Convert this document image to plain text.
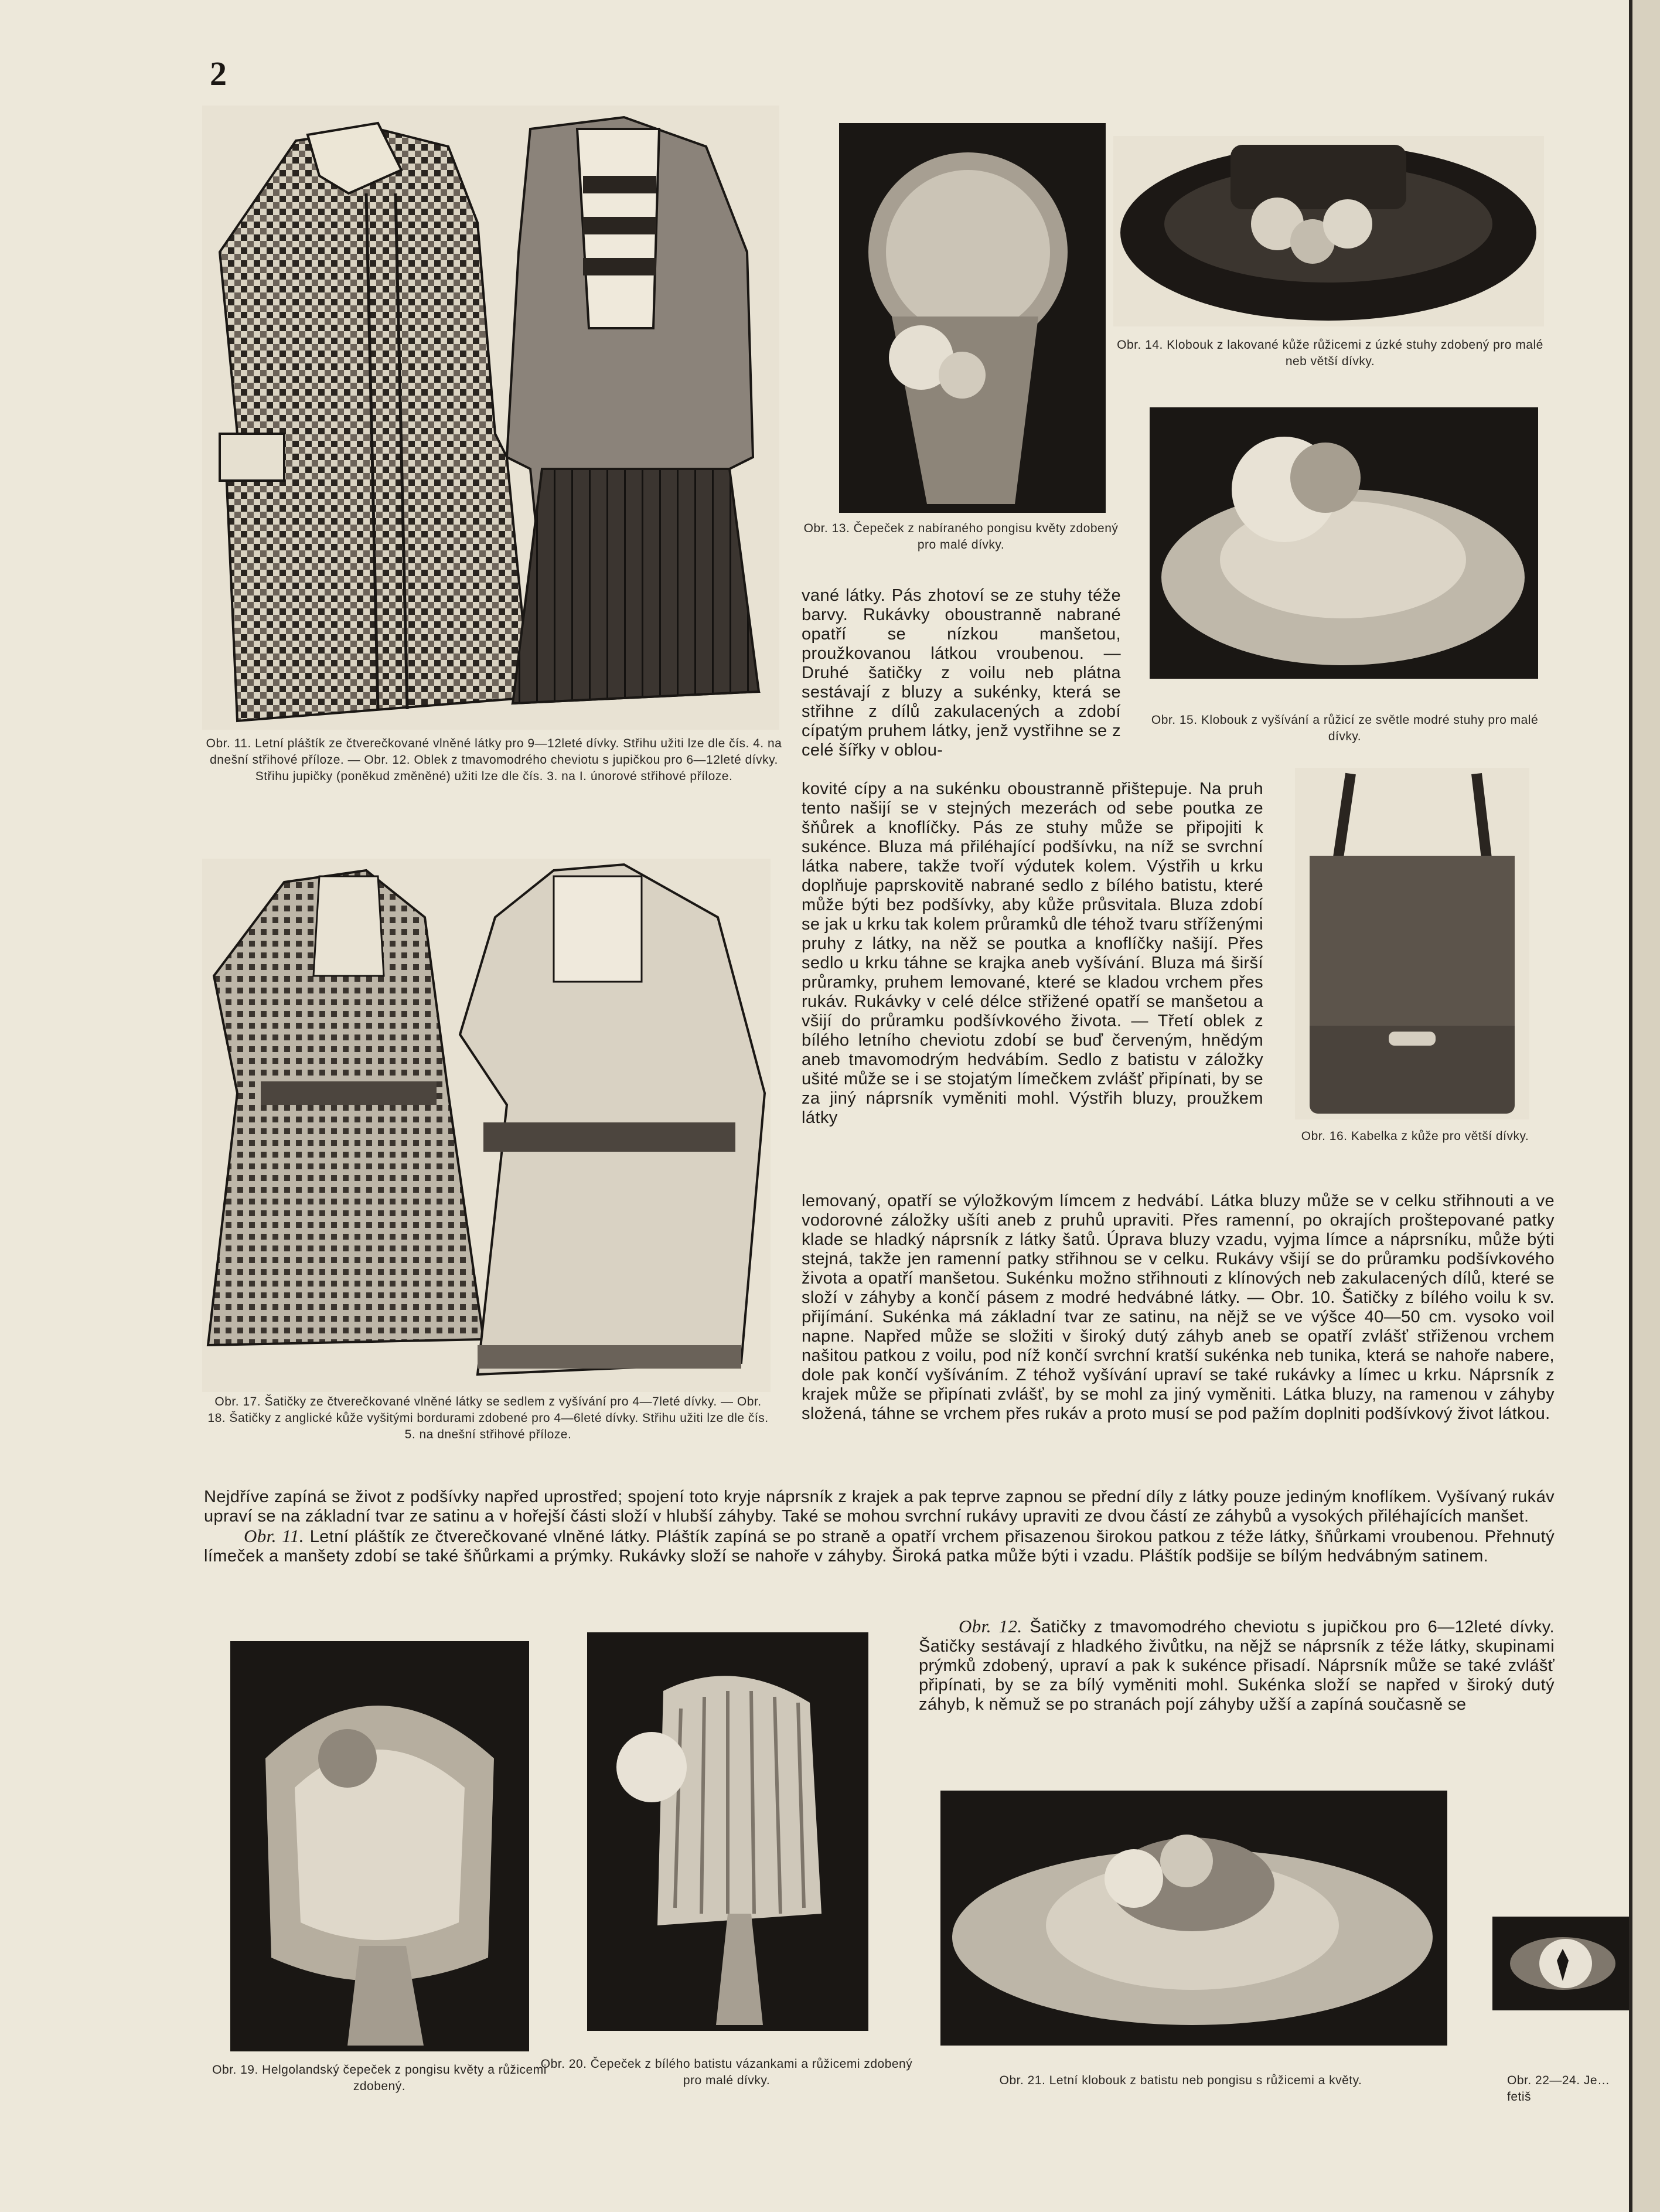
2
Obr. 11. Letní pláštík ze čtverečkované vlněné látky pro 9—12leté dívky. Střihu užiti lze dle čís. 4. na dnešní střihové příloze. — Obr. 12. Oblek z tmavomodrého cheviotu s jupičkou pro 6—12leté dívky. Střihu jupičky (poněkud změněné) užiti lze dle čís. 3. na I. únorové střihové příloze.
Obr. 13. Čepeček z nabíraného pongisu květy zdobený pro malé dívky.
Obr. 14. Klobouk z lakované kůže růžicemi z úzké stuhy zdobený pro malé neb větší dívky.
Obr. 15. Klobouk z vyšívání a růžicí ze světle modré stuhy pro malé dívky.
Obr. 16. Kabelka z kůže pro větší dívky.
Obr. 17. Šatičky ze čtverečkované vlněné látky se sedlem z vyšívání pro 4—7leté dívky. — Obr. 18. Šatičky z anglické kůže vyšitými bordurami zdobené pro 4—6leté dívky. Střihu užiti lze dle čís. 5. na dnešní střihové příloze.

vané látky. Pás zhotoví se ze stuhy téže barvy. Rukávky oboustranně nabrané opatří se nízkou manšetou, proužkovanou látkou vroubenou. — Druhé šatičky z voilu neb plátna sestávají z bluzy a sukénky, která se střihne z dílů zakulacených a zdobí cípatým pruhem látky, jenž vystřihne se z celé šířky v oblou-

kovité cípy a na sukénku oboustranně přištepuje. Na pruh tento našijí se v stejných mezerách od sebe poutka ze šňůrek a knoflíčky. Pás ze stuhy může se připojiti k sukénce. Bluza má přiléhající podšívku, na níž se svrchní látka nabere, takže tvoří výdutek kolem. Výstřih u krku doplňuje paprskovitě nabrané sedlo z bílého batistu, které může býti bez podšívky, aby kůže průsvitala. Bluza zdobí se jak u krku tak kolem průramků dle téhož tvaru stříženými pruhy z látky, na něž se poutka a knoflíčky našijí. Přes sedlo u krku táhne se krajka aneb vyšívání. Bluza má širší průramky, pruhem lemované, které se kladou vrchem přes rukáv. Rukávky v celé délce střižené opatří se manšetou a všijí do průramku podšívkového života. — Třetí oblek z bílého letního cheviotu zdobí se buď červeným, hnědým aneb tmavomodrým hedvábím. Sedlo z batistu v záložky ušité může se i se stojatým límečkem zvlášť připínati, by se za jiný náprsník vyměniti mohl. Výstřih bluzy, proužkem látky

lemovaný, opatří se výložkovým límcem z hedvábí. Látka bluzy může se v celku střihnouti a ve vodorovné záložky ušíti aneb z pruhů upraviti. Přes ramenní, po okrajích proštepované patky klade se hladký náprsník z látky šatů. Úprava bluzy vzadu, vyjma límce a náprsníku, může býti stejná, takže jen ramenní patky střihnou se v celku. Rukávy všijí se do průramku podšívkového života a opatří manšetou. Sukénku možno střihnouti z klínových neb zakulacených dílů, které se složí v záhyby a končí pásem z modré hedvábné látky. — Obr. 10. Šatičky z bílého voilu k sv. přijímání. Sukénka má základní tvar ze satinu, na nějž se ve výšce 40—50 cm. vysoko voil napne. Napřed může se složiti v široký dutý záhyb aneb se opatří zvlášť střiženou vrchem našitou patkou z voilu, pod níž končí svrchní kratší sukénka neb tunika, která se nahoře nabere, dole pak končí vyšíváním. Z téhož vyšívání upraví se také rukávky a límec u krku. Náprsník z krajek může se připínati zvlášť, by se mohl za jiný vyměniti. Látka bluzy, na ramenou v záhyby složená, táhne se vrchem přes rukáv a proto musí se pod pažím doplniti podšívkový život látkou.

Nejdříve zapíná se život z podšívky napřed uprostřed; spojení toto kryje náprsník z krajek a pak teprve zapnou se přední díly z látky pouze jediným knoflíkem. Vyšívaný rukáv upraví se na základní tvar ze satinu a v hořejší části složí v hlubší záhyby. Také se mohou svrchní rukávy upraviti ze dvou částí ze záhybů a vysokých přiléhajících manšet.

Obr. 11. Letní pláštík ze čtverečkované vlněné látky. Pláštík zapíná se po straně a opatří vrchem přisazenou širokou patkou z téže látky, šňůrkami vroubenou. Přehnutý límeček a manšety zdobí se také šňůrkami a prýmky. Rukávky složí se nahoře v záhyby. Široká patka může býti i vzadu. Pláštík podšije se bílým hedvábným satinem.

Obr. 12. Šatičky z tmavomodrého cheviotu s jupičkou pro 6—12leté dívky. Šatičky sestávají z hladkého živůtku, na nějž se náprsník z téže látky, skupinami prýmků zdobený, upraví a pak k sukénce přisadí. Náprsník může se také zvlášť připínati, by se za bílý vyměniti mohl. Sukénka složí se napřed v široký dutý záhyb, k němuž se po stranách pojí záhyby užší a zapíná současně se

Obr. 19. Helgolandský čepeček z pongisu květy a růžicemi zdobený.
Obr. 20. Čepeček z bílého batistu vázankami a růžicemi zdobený pro malé dívky.	Obr. 21. Letní klobouk z batistu neb pongisu s růžicemi a květy.	Obr. 22—24. Je… fetiš
